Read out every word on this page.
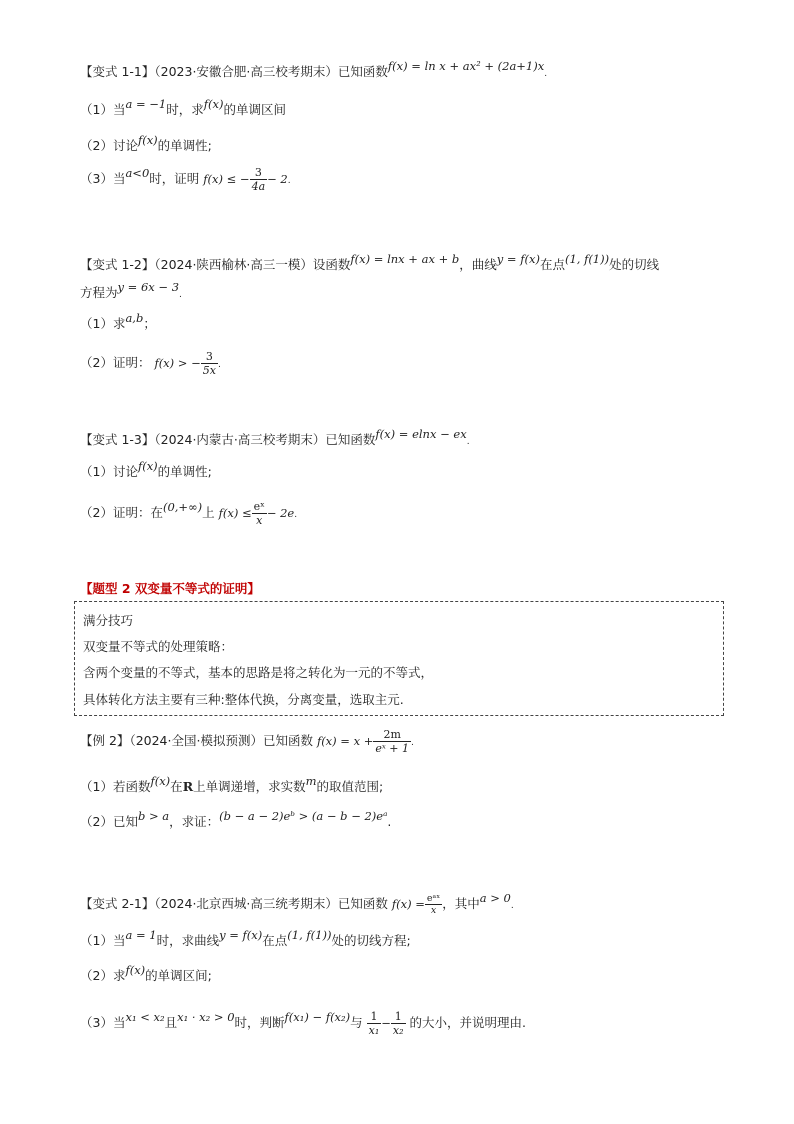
【变式 1-1】（2023·安徽合肥·高三校考期末）已知函数f(x) = ln x + ax² + (2a+1)x.
（1）当a = −1时，求f(x)的单调区间
（2）讨论f(x)的单调性;
（3）当a<0时，证明 f(x) ≤ − $\frac{3}{4a} - 2$.
【变式 1-2】（2024·陕西榆林·高三一模）设函数f(x) = lnx + ax + b，曲线y = f(x)在点(1, f(1))处的切线
方程为y = 6x − 3.
（1）求a,b；
（2）证明： f(x) > − $\frac{3}{5x}$ .
【变式 1-3】（2024·内蒙古·高三校考期末）已知函数f(x) = elnx − ex.
（1）讨论f(x)的单调性;
（2）证明：在(0,+∞)上 $f(x) \le \frac{\text{eˣ}}{x} - 2e$.
【题型 2 双变量不等式的证明】
满分技巧
双变量不等式的处理策略：
含两个变量的不等式，基本的思路是将之转化为一元的不等式，
具体转化方法主要有三种:整体代换，分离变量，选取主元.
【例 2】（2024·全国·模拟预测）已知函数 $f(x) = x + \frac{2m}{\text{eˣ + 1}}$ .
（1）若函数f(x)在R上单调递增，求实数m的取值范围;
（2）已知b > a，求证：(b − a − 2)eᵇ > (a − b − 2)eᵃ.
【变式 2-1】（2024·北京西城·高三统考期末）已知函数 $f(x) = \frac{\text{eᵃˣ}}{x}$ ，其中a > 0.
（1）当a = 1时，求曲线y = f(x)在点(1, f(1))处的切线方程;
（2）求f(x)的单调区间;
（3）当x₁ < x₂且x₁ · x₂ > 0时，判断f(x₁) − f(x₂)与 $\frac{1}{\text{x₁}} - \frac{1}{\text{x₂}}$ 的大小，并说明理由.
